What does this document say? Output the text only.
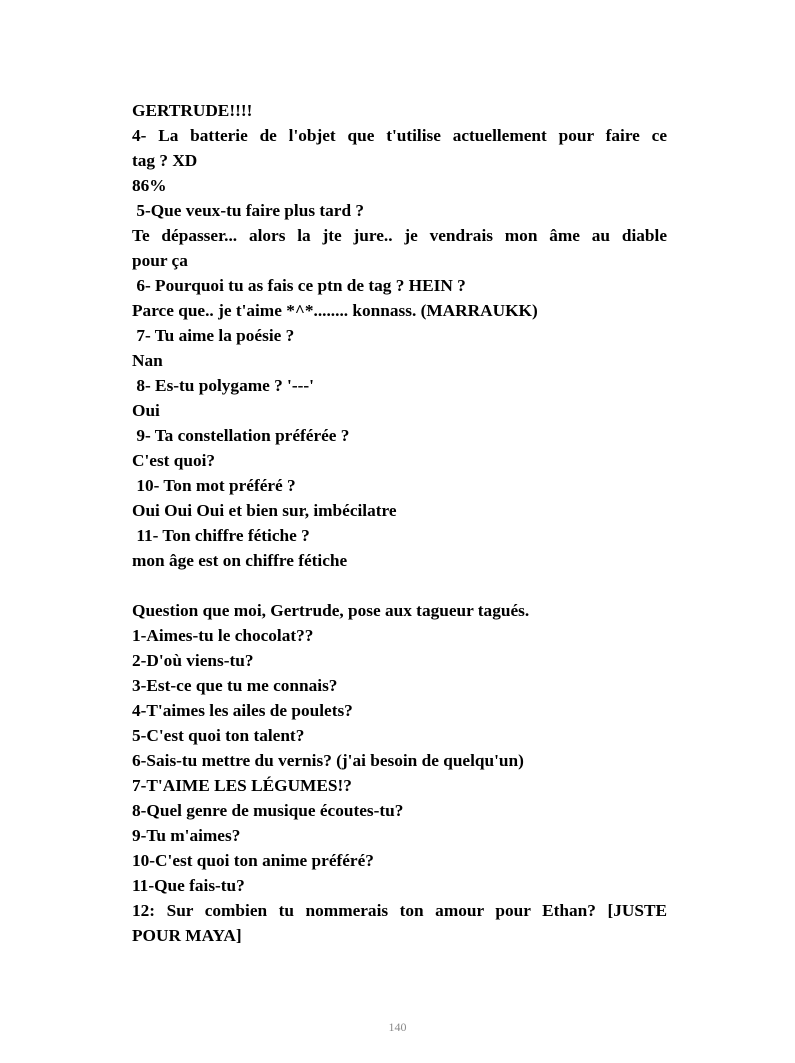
GERTRUDE!!!!
4- La batterie de l'objet que t'utilise actuellement pour faire ce
tag ? XD
86%
5-Que veux-tu faire plus tard ?
Te dépasser... alors la jte jure.. je vendrais mon âme au diable
pour ça
6- Pourquoi tu as fais ce ptn de tag ? HEIN ?
Parce que.. je t'aime *^*........ konnass. (MARRAUKK)
7- Tu aime la poésie ?
Nan
8- Es-tu polygame ? '---'
Oui
9- Ta constellation préférée ?
C'est quoi?
10- Ton mot préféré ?
Oui Oui Oui et bien sur, imbécilatre
11- Ton chiffre fétiche ?
mon âge est on chiffre fétiche
Question que moi, Gertrude, pose aux tagueur tagués.
1-Aimes-tu le chocolat??
2-D'où viens-tu?
3-Est-ce que tu me connais?
4-T'aimes les ailes de poulets?
5-C'est quoi ton talent?
6-Sais-tu mettre du vernis? (j'ai besoin de quelqu'un)
7-T'AIME LES LÉGUMES!?
8-Quel genre de musique écoutes-tu?
9-Tu m'aimes?
10-C'est quoi ton anime préféré?
11-Que fais-tu?
12: Sur combien tu nommerais ton amour pour Ethan? [JUSTE
POUR MAYA]
140
